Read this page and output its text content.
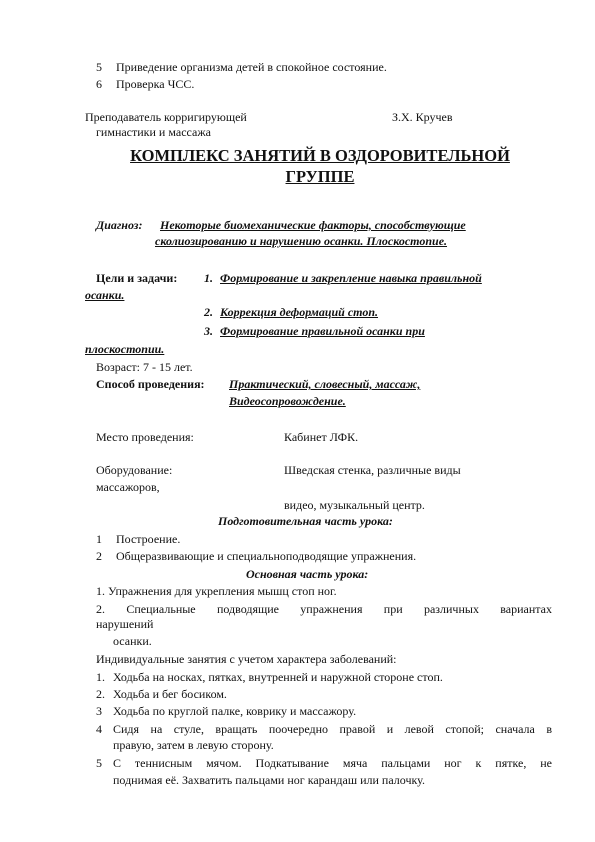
5 Приведение организма детей в спокойное состояние.
6 Проверка ЧСС.
Преподаватель корригирующей	З.Х. Кручев
гимнастики и массажа
КОМПЛЕКС ЗАНЯТИЙ В ОЗДОРОВИТЕЛЬНОЙ
ГРУППЕ
Диагноз: Некоторые биомеханические факторы, способствующие
сколиозированию и нарушению осанки. Плоскостопие.
Цели и задачи: 1. Формирование и закрепление навыка правильной
осанки.
2. Коррекция деформаций стоп.
3. Формирование правильной осанки при
плоскостопии.
Возраст: 7 - 15 лет.
Способ проведения: Практический, словесный, массаж,
Видеосопровождение.
Место проведения:	Кабинет ЛФК.
Оборудование:	Шведская стенка, различные виды
массажоров,
видео, музыкальный центр.
Подготовительная часть урока:
1 Построение.
2 Общеразвивающие и специальноподводящие упражнения.
Основная часть урока:
1. Упражнения для укрепления мышц стоп ног.
2. Специальные подводящие упражнения при различных вариантах
нарушений
осанки.
Индивидуальные занятия с учетом характера заболеваний:
1. Ходьба на носках, пятках, внутренней и наружной стороне стоп.
2. Ходьба и бег босиком.
3 Ходьба по круглой палке, коврику и массажору.
4 Сидя на стуле, вращать поочередно правой и левой стопой; сначала в
правую, затем в левую сторону.
5 С теннисным мячом. Подкатывание мяча пальцами ног к пятке, не
поднимая её. Захватить пальцами ног карандаш или палочку.
